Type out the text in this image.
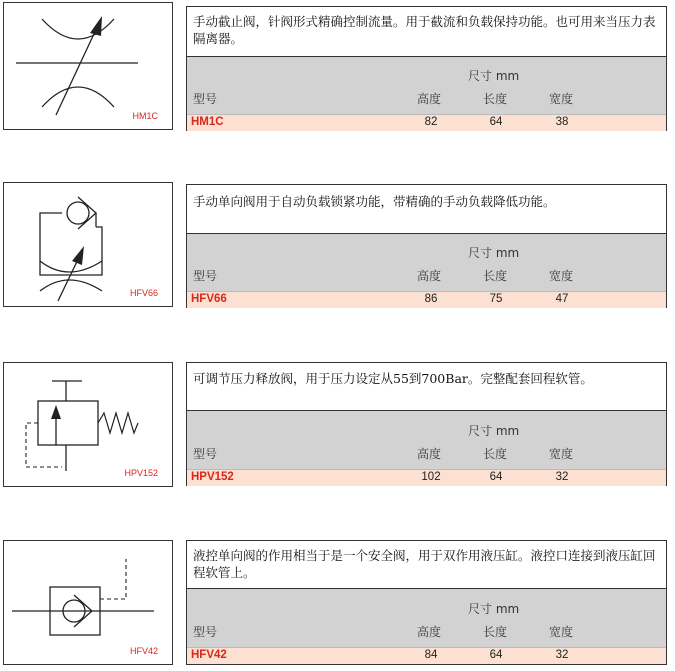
HM1C
手动截止阀，针阀形式精确控制流量。用于截流和负载保持功能。也可用来当压力表隔离器。
尺寸 mm
型号	高度	长度	宽度
HM1C	82	64	38
HFV66
手动单向阀用于自动负载锁紧功能，带精确的手动负载降低功能。
尺寸 mm
型号	高度	长度	宽度
HFV66	86	75	47
HPV152
可调节压力释放阀，用于压力设定从55到700Bar。完整配套回程软管。
尺寸 mm
型号	高度	长度	宽度
HPV152	102	64	32
HFV42
液控单向阀的作用相当于是一个安全阀，用于双作用液压缸。液控口连接到液压缸回程软管上。
尺寸 mm
型号	高度	长度	宽度
HFV42	84	64	32
